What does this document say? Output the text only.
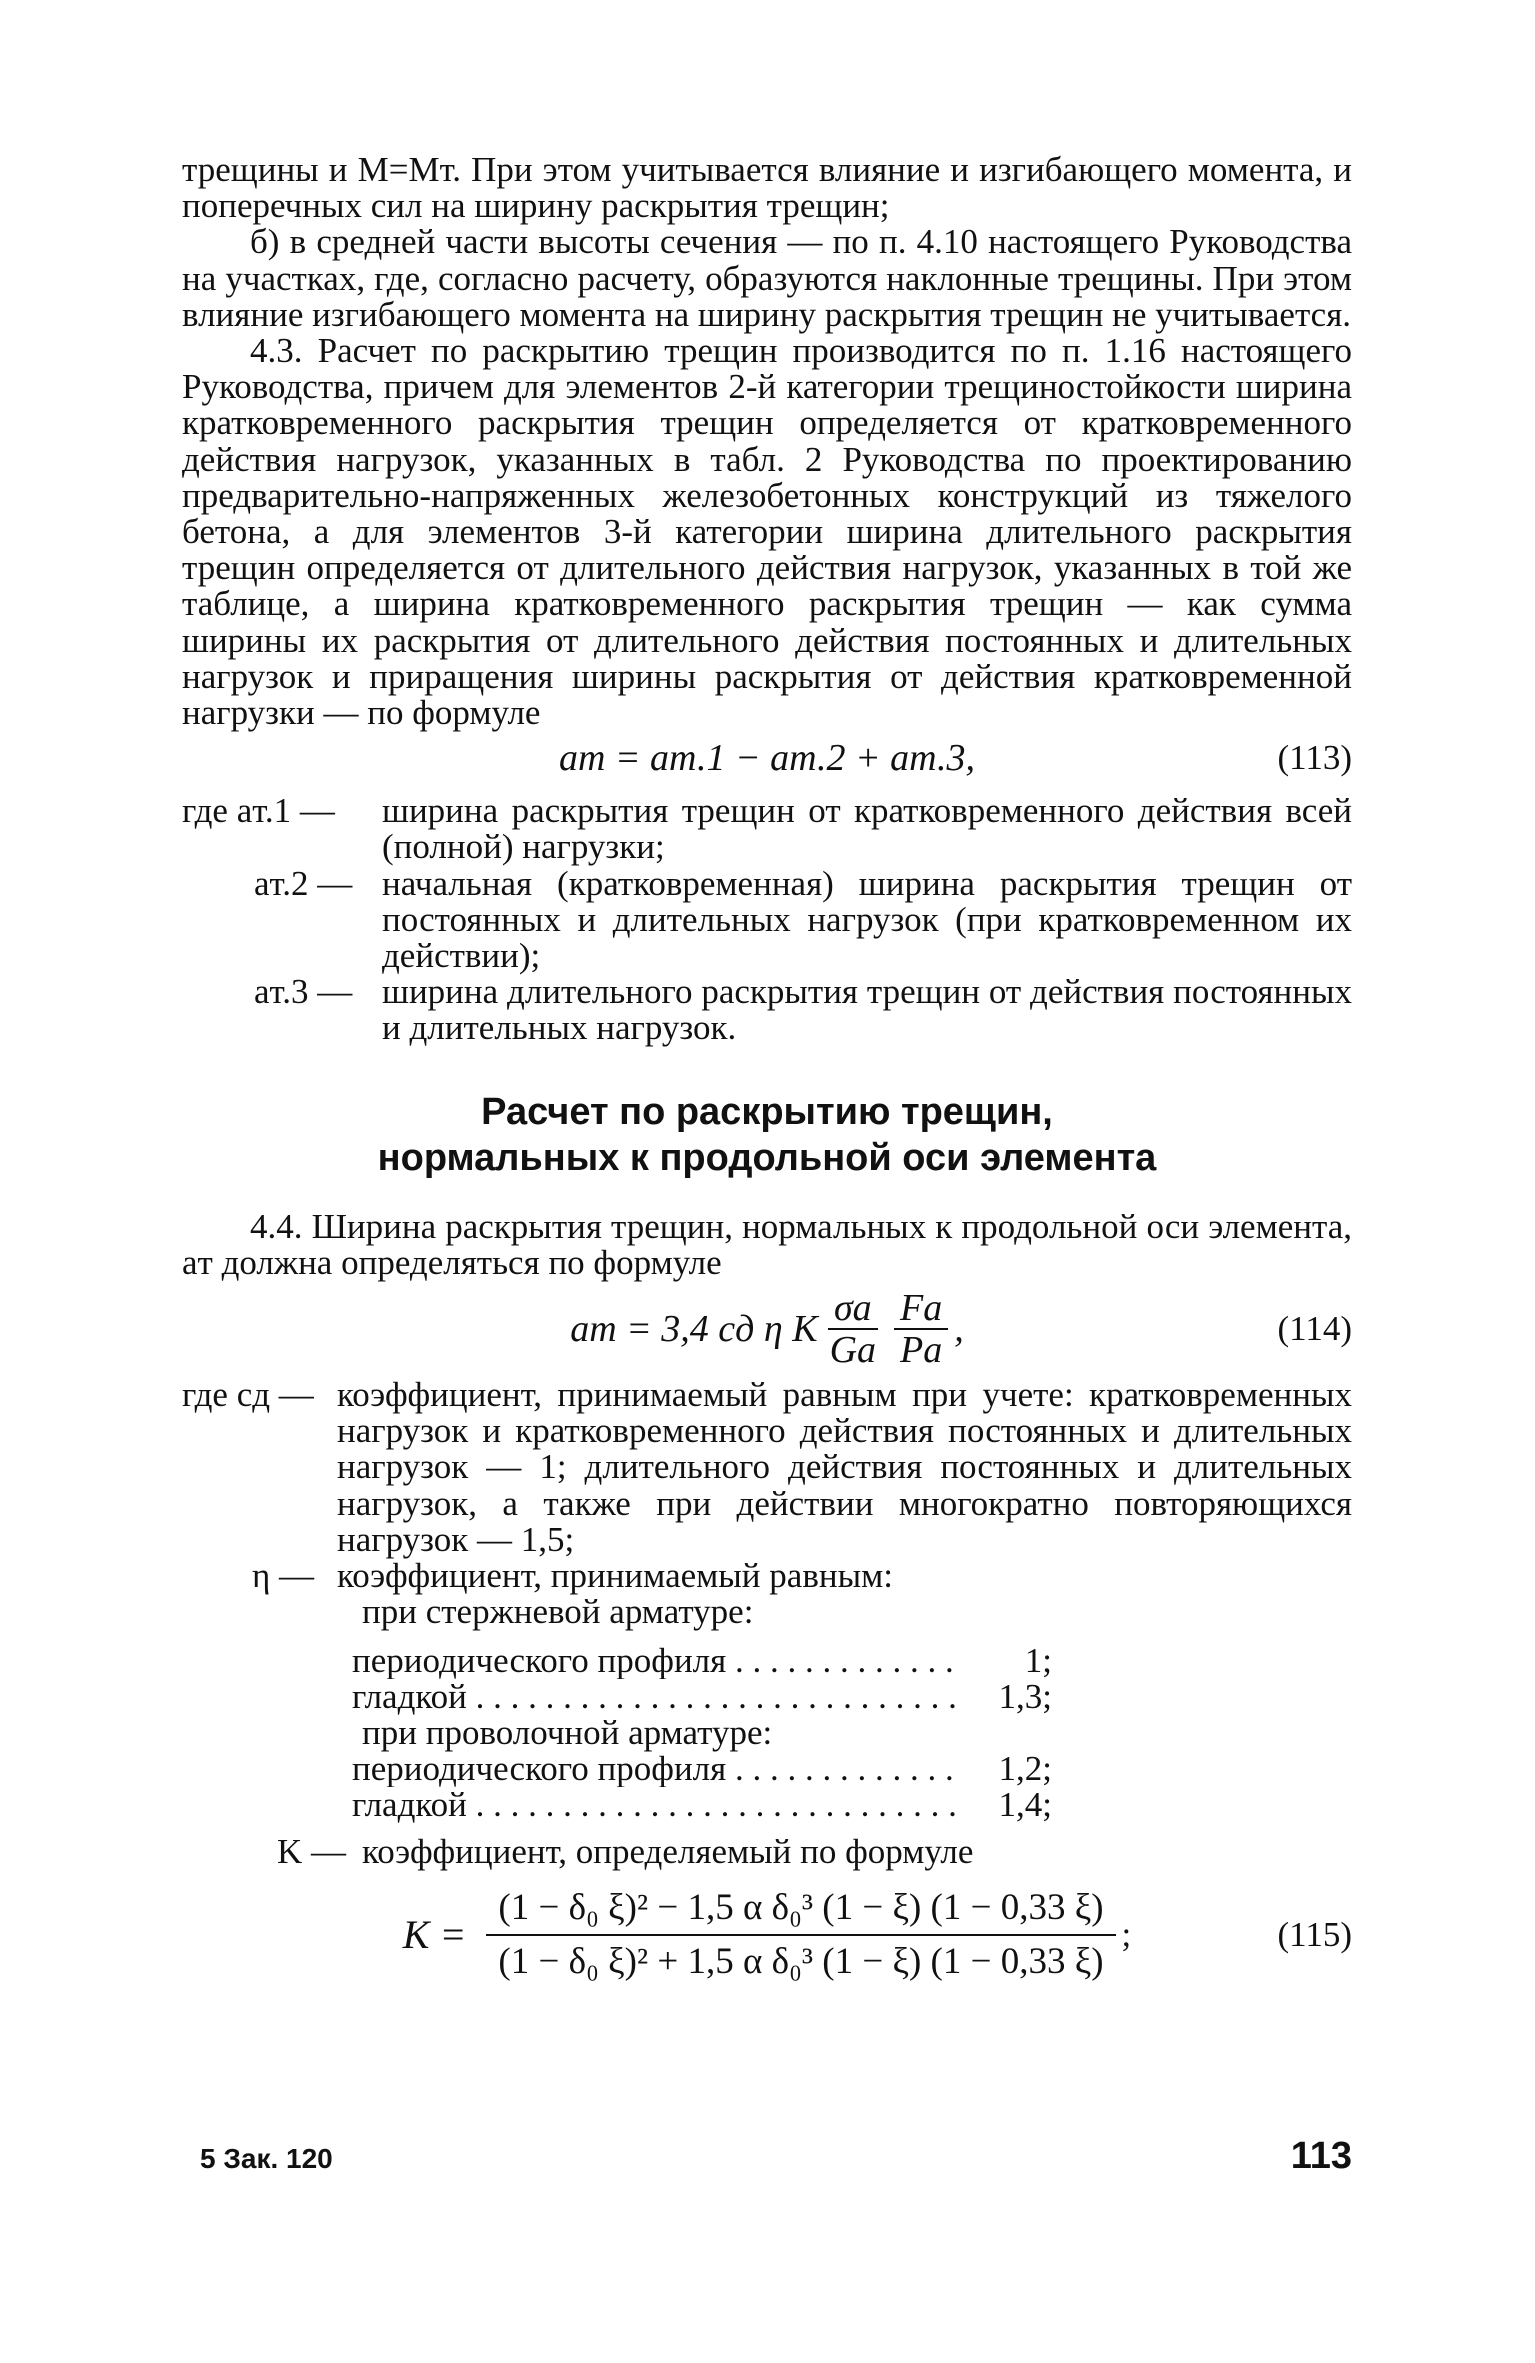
трещины и M=Mт. При этом учитывается влияние и изгибающего момента, и поперечных сил на ширину раскрытия трещин;

б) в средней части высоты сечения — по п. 4.10 настоящего Руководства на участках, где, согласно расчету, образуются наклонные трещины. При этом влияние изгибающего момента на ширину раскрытия трещин не учитывается.

4.3. Расчет по раскрытию трещин производится по п. 1.16 настоящего Руководства, причем для элементов 2-й категории трещиностойкости ширина кратковременного раскрытия трещин определяется от кратковременного действия нагрузок, указанных в табл. 2 Руководства по проектированию предварительно-напряженных железобетонных конструкций из тяжелого бетона, а для элементов 3-й категории ширина длительного раскрытия трещин определяется от длительного действия нагрузок, указанных в той же таблице, а ширина кратковременного раскрытия трещин — как сумма ширины их раскрытия от длительного действия постоянных и длительных нагрузок и приращения ширины раскрытия от действия кратковременной нагрузки — по формуле

aт = aт.1 − aт.2 + aт.3,	(113)
где aт.1 —	ширина раскрытия трещин от кратковременного действия всей (полной) нагрузки;
aт.2 — начальная (кратковременная) ширина раскрытия трещин от постоянных и длительных нагрузок (при кратковременном их действии);
aт.3 — ширина длительного раскрытия трещин от действия постоянных и длительных нагрузок.
Расчет по раскрытию трещин,
нормальных к продольной оси элемента

4.4. Ширина раскрытия трещин, нормальных к продольной оси элемента, aт должна определяться по формуле

aт = 3,4 cд η K $\frac{\sigma а}{Gа} \frac{Fа}{Pа}$ ,	(114)
где cд — коэффициент, принимаемый равным при учете: кратковременных нагрузок и кратковременного действия постоянных и длительных нагрузок — 1; длительного действия постоянных и длительных нагрузок, а также при действии многократно повторяющихся нагрузок — 1,5;
η — коэффициент, принимаемый равным:
при стержневой арматуре:
периодического профиля . . .	1;
гладкой . . .	1,3;
при проволочной арматуре:
периодического профиля . . .	1,2;
гладкой . . .	1,4;
K — коэффициент, определяемый по формуле
$K = \frac{\text{(1 − δ₀ ξ)² − 1,5 α δ₀³ (1 − ξ) (1 − 0,33 ξ)}}{\text{(1 − δ₀ ξ)² + 1,5 α δ₀³ (1 − ξ) (1 − 0,33 ξ)}}$ ;	(115)
5 Зак. 120	113
